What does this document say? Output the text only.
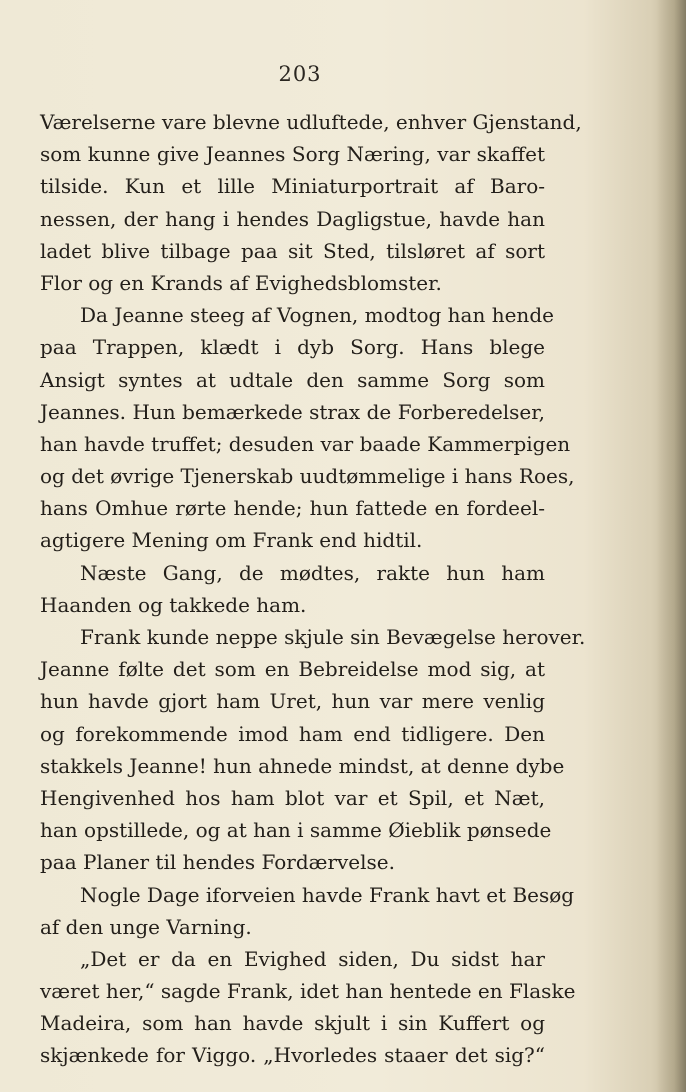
203
Værelserne vare blevne udluftede, enhver Gjenstand,
som kunne give Jeannes Sorg Næring, var skaffet
tilside. Kun et lille Miniaturportrait af Baro-
nessen, der hang i hendes Dagligstue, havde han
ladet blive tilbage paa sit Sted, tilsløret af sort
Flor og en Krands af Evighedsblomster.
Da Jeanne steeg af Vognen, modtog han hende
paa Trappen, klædt i dyb Sorg. Hans blege
Ansigt syntes at udtale den samme Sorg som
Jeannes. Hun bemærkede strax de Forberedelser,
han havde truffet; desuden var baade Kammerpigen
og det øvrige Tjenerskab uudtømmelige i hans Roes,
hans Omhue rørte hende; hun fattede en fordeel-
agtigere Mening om Frank end hidtil.
Næste Gang, de mødtes, rakte hun ham
Haanden og takkede ham.
Frank kunde neppe skjule sin Bevægelse herover.
Jeanne følte det som en Bebreidelse mod sig, at
hun havde gjort ham Uret, hun var mere venlig
og forekommende imod ham end tidligere. Den
stakkels Jeanne! hun ahnede mindst, at denne dybe
Hengivenhed hos ham blot var et Spil, et Næt,
han opstillede, og at han i samme Øieblik pønsede
paa Planer til hendes Fordærvelse.
Nogle Dage iforveien havde Frank havt et Besøg
af den unge Varning.
„Det er da en Evighed siden, Du sidst har
været her,“ sagde Frank, idet han hentede en Flaske
Madeira, som han havde skjult i sin Kuffert og
skjænkede for Viggo. „Hvorledes staaer det sig?“
